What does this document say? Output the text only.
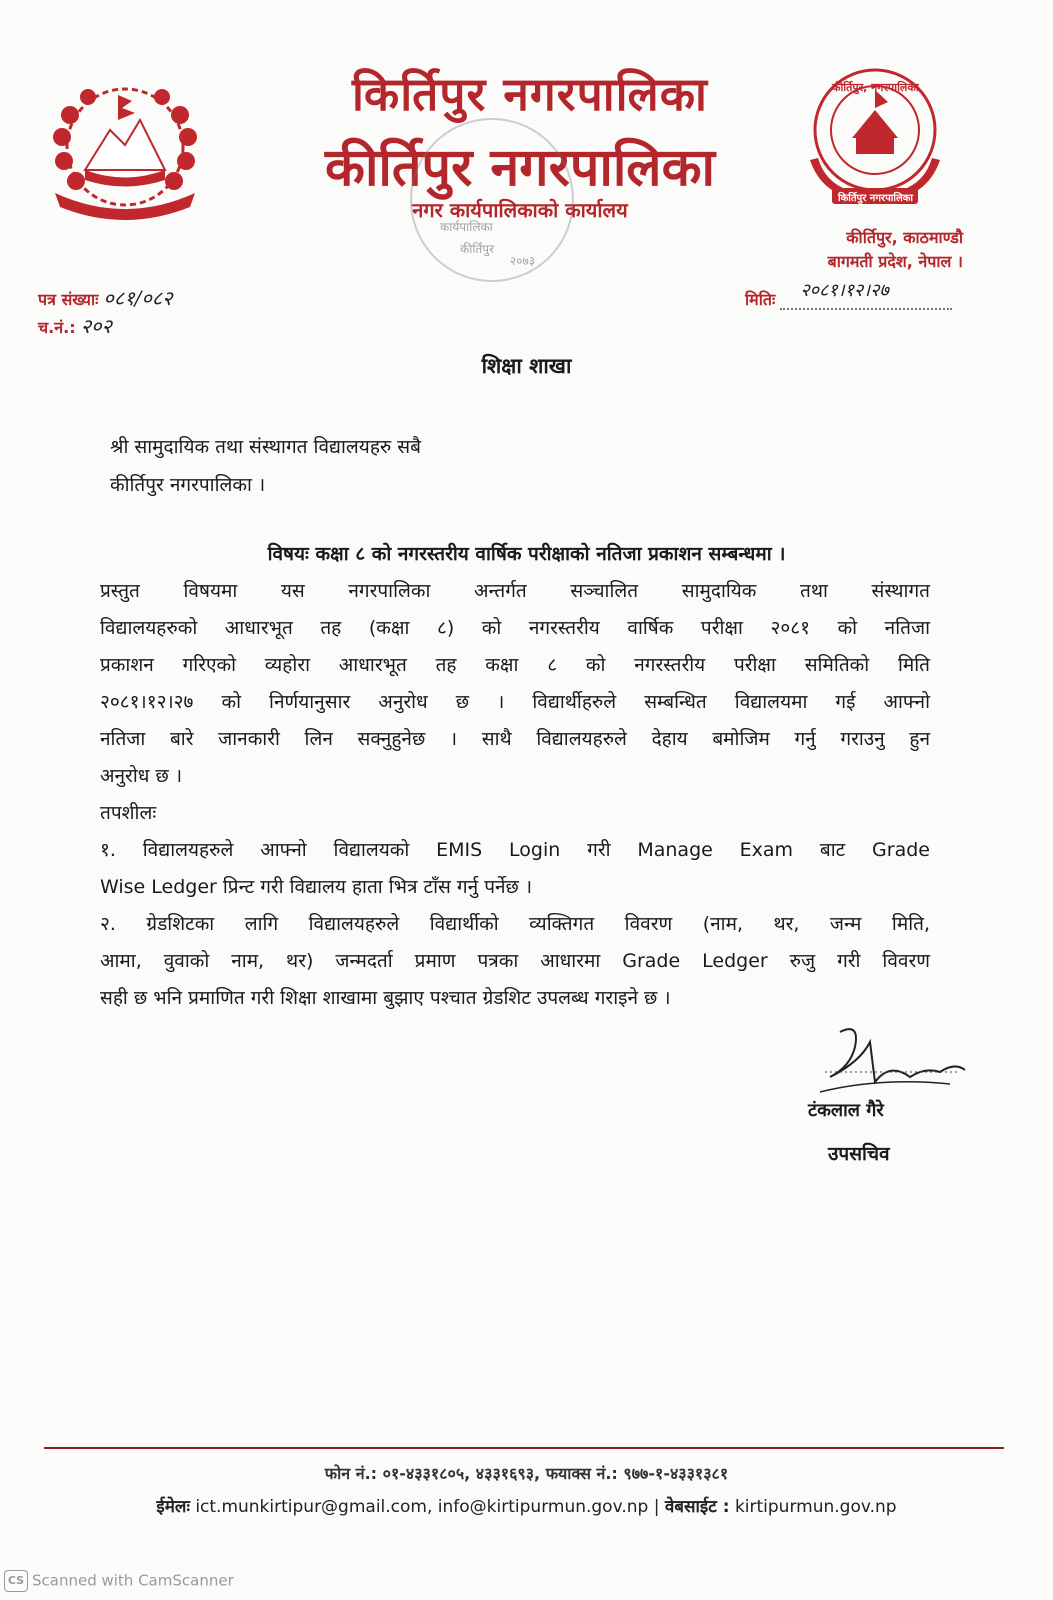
किर्तिपुर नगरपालिका
कीर्तिपुर नगरपालिका
नगर कार्यपालिकाको कार्यालय
कार्यपालिका
कीर्तिपुर
२०७३
कीर्तिपुर, नगरपालिका
किर्तिपुर नगरपालिका
कीर्तिपुर, काठमाण्डौ
बागमती प्रदेश, नेपाल ।
पत्र संख्याः ०८१/०८२
च.नं.: २०२
मितिः २०८१।१२।२७
शिक्षा शाखा
श्री सामुदायिक तथा संस्थागत विद्यालयहरु सबै
कीर्तिपुर नगरपालिका ।
विषयः कक्षा ८ को नगरस्तरीय वार्षिक परीक्षाको नतिजा प्रकाशन सम्बन्धमा ।
प्रस्तुत विषयमा यस नगरपालिका अन्तर्गत सञ्चालित सामुदायिक तथा संस्थागत
विद्यालयहरुको आधारभूत तह (कक्षा ८) को नगरस्तरीय वार्षिक परीक्षा २०८१ को नतिजा
प्रकाशन गरिएको व्यहोरा आधारभूत तह कक्षा ८ को नगरस्तरीय परीक्षा समितिको मिति
२०८१।१२।२७ को निर्णयानुसार अनुरोध छ । विद्यार्थीहरुले सम्बन्धित विद्यालयमा गई आफ्नो
नतिजा बारे जानकारी लिन सक्नुहुनेछ । साथै विद्यालयहरुले देहाय बमोजिम गर्नु गराउनु हुन
अनुरोध छ ।
तपशीलः
१. विद्यालयहरुले आफ्नो विद्यालयको EMIS Login गरी Manage Exam बाट Grade
Wise Ledger प्रिन्ट गरी विद्यालय हाता भित्र टाँस गर्नु पर्नेछ ।
२. ग्रेडशिटका लागि विद्यालयहरुले विद्यार्थीको व्यक्तिगत विवरण (नाम, थर, जन्म मिति,
आमा, वुवाको नाम, थर) जन्मदर्ता प्रमाण पत्रका आधारमा Grade Ledger रुजु गरी विवरण
सही छ भनि प्रमाणित गरी शिक्षा शाखामा बुझाए पश्चात ग्रेडशिट उपलब्ध गराइने छ ।
टंकलाल गैरे
उपसचिव
फोन नं.: ०१-४३३१८०५, ४३३१६९३, फयाक्स नं.: ९७७-१-४३३१३८१
ईमेलः ict.munkirtipur@gmail.com, info@kirtipurmun.gov.np | वेबसाईट : kirtipurmun.gov.np
CS Scanned with CamScanner
